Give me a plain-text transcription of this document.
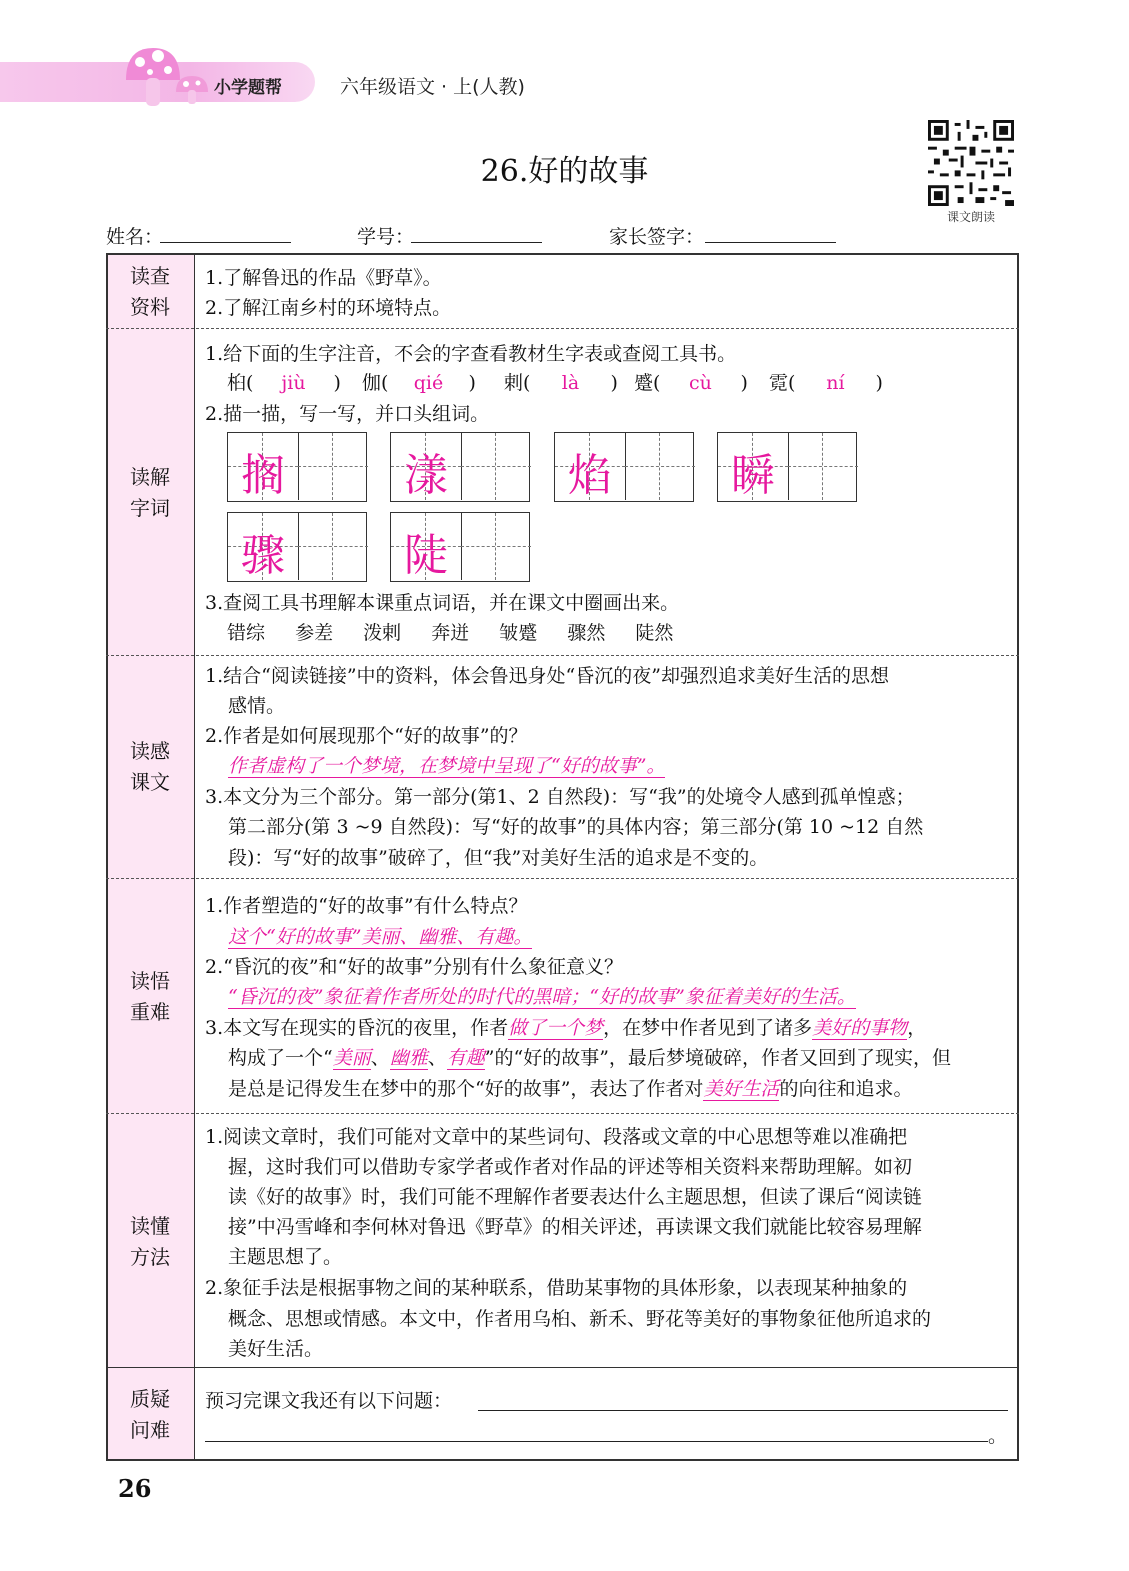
小学题帮	六年级语文 · 上(人教)
26.好的故事
课文朗读
姓名：	学号：	家长签字：
读查
资料
1.了解鲁迅的作品《野草》。
2.了解江南乡村的环境特点。
读解
字词
1.给下面的生字注音，不会的字查看教材生字表或查阅工具书。
桕( jiù ) 伽( qié ) 剌( là ) 蹙( cù ) 霓( ní )
2.描一描，写一写，并口头组词。
搁	漾	焰	瞬
骤	陡
3.查阅工具书理解本课重点词语，并在课文中圈画出来。
错综 参差 泼剌 奔迸 皱蹙 骤然 陡然
读感
课文
1.结合“阅读链接”中的资料，体会鲁迅身处“昏沉的夜”却强烈追求美好生活的思想
感情。
2.作者是如何展现那个“好的故事”的？
作者虚构了一个梦境，在梦境中呈现了“好的故事”。
3.本文分为三个部分。第一部分(第1、2 自然段)：写“我”的处境令人感到孤单惶惑；
第二部分(第 3 ~9 自然段)：写“好的故事”的具体内容；第三部分(第 10 ~12 自然
段)：写“好的故事”破碎了，但“我”对美好生活的追求是不变的。
读悟
重难
1.作者塑造的“好的故事”有什么特点？
这个“好的故事”美丽、幽雅、有趣。
2.“昏沉的夜”和“好的故事”分别有什么象征意义？
“昏沉的夜”象征着作者所处的时代的黑暗；“好的故事”象征着美好的生活。
3.本文写在现实的昏沉的夜里，作者做了一个梦，在梦中作者见到了诸多美好的事物，
构成了一个“美丽、幽雅、有趣”的“好的故事”，最后梦境破碎，作者又回到了现实，但
是总是记得发生在梦中的那个“好的故事”，表达了作者对美好生活的向往和追求。
读懂
方法
1.阅读文章时，我们可能对文章中的某些词句、段落或文章的中心思想等难以准确把
握，这时我们可以借助专家学者或作者对作品的评述等相关资料来帮助理解。如初
读《好的故事》时，我们可能不理解作者要表达什么主题思想，但读了课后“阅读链
接”中冯雪峰和李何林对鲁迅《野草》的相关评述，再读课文我们就能比较容易理解
主题思想了。
2.象征手法是根据事物之间的某种联系，借助某事物的具体形象，以表现某种抽象的
概念、思想或情感。本文中，作者用乌桕、新禾、野花等美好的事物象征他所追求的
美好生活。
质疑
问难
预习完课文我还有以下问题：
。
26
